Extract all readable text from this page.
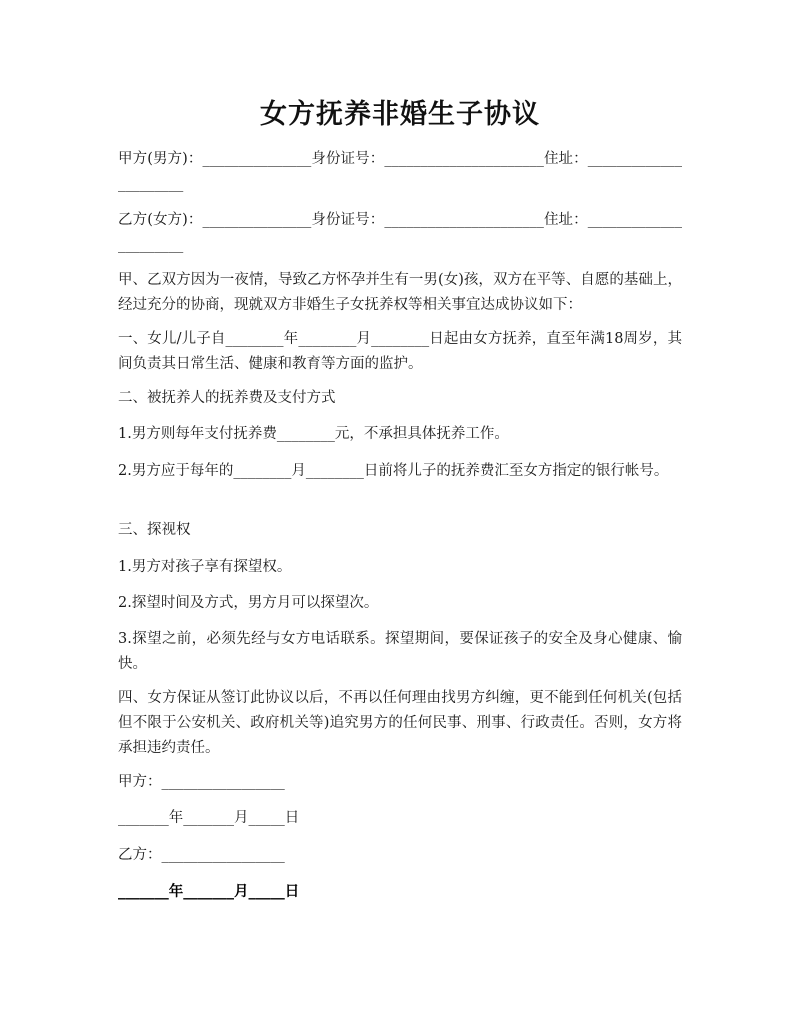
女方抚养非婚生子协议
甲方(男方)：_______________身份证号：______________________住址：______________________
乙方(女方)：_______________身份证号：______________________住址：______________________
甲、乙双方因为一夜情，导致乙方怀孕并生有一男(女)孩，双方在平等、自愿的基础上，经过充分的协商，现就双方非婚生子女抚养权等相关事宜达成协议如下：
一、女儿/儿子自________年________月________日起由女方抚养，直至年满18周岁，其间负责其日常生活、健康和教育等方面的监护。
二、被抚养人的抚养费及支付方式
1.男方则每年支付抚养费________元，不承担具体抚养工作。
2.男方应于每年的________月________日前将儿子的抚养费汇至女方指定的银行帐号。
三、探视权
1.男方对孩子享有探望权。
2.探望时间及方式，男方月可以探望次。
3.探望之前，必须先经与女方电话联系。探望期间，要保证孩子的安全及身心健康、愉快。
四、女方保证从签订此协议以后，不再以任何理由找男方纠缠，更不能到任何机关(包括但不限于公安机关、政府机关等)追究男方的任何民事、刑事、行政责任。否则，女方将承担违约责任。
甲方：_________________
_______年_______月_____日
乙方：_________________
_______年_______月_____日
